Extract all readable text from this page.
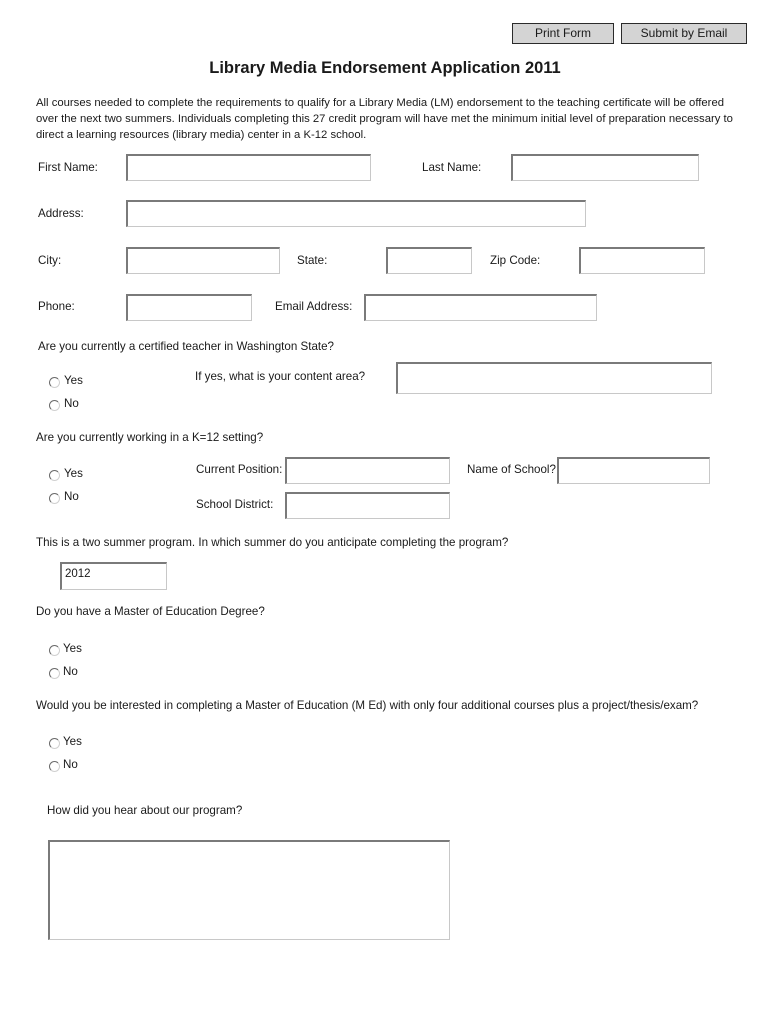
Print Form	Submit by Email
Library Media Endorsement Application 2011
All courses needed to complete the requirements to qualify for a Library Media (LM) endorsement to the teaching certificate will be offered over the next two summers. Individuals completing this 27 credit program will have met the minimum initial level of preparation necessary to direct a learning resources (library media) center in a K-12 school.
First Name:	Last Name:
Address:
City:	State:	Zip Code:
Phone:	Email Address:
Are you currently a certified teacher in Washington State?
Yes
No
If yes, what is your content area?
Are you currently working in a K=12 setting?
Yes
No
Current Position:	Name of School?
School District:
This is a two summer program. In which summer do you anticipate completing the program?
2012
Do you have a Master of Education Degree?
Yes
No
Would you be interested in completing a Master of Education (M Ed) with only four additional courses plus a project/thesis/exam?
Yes
No
How did you hear about our program?
